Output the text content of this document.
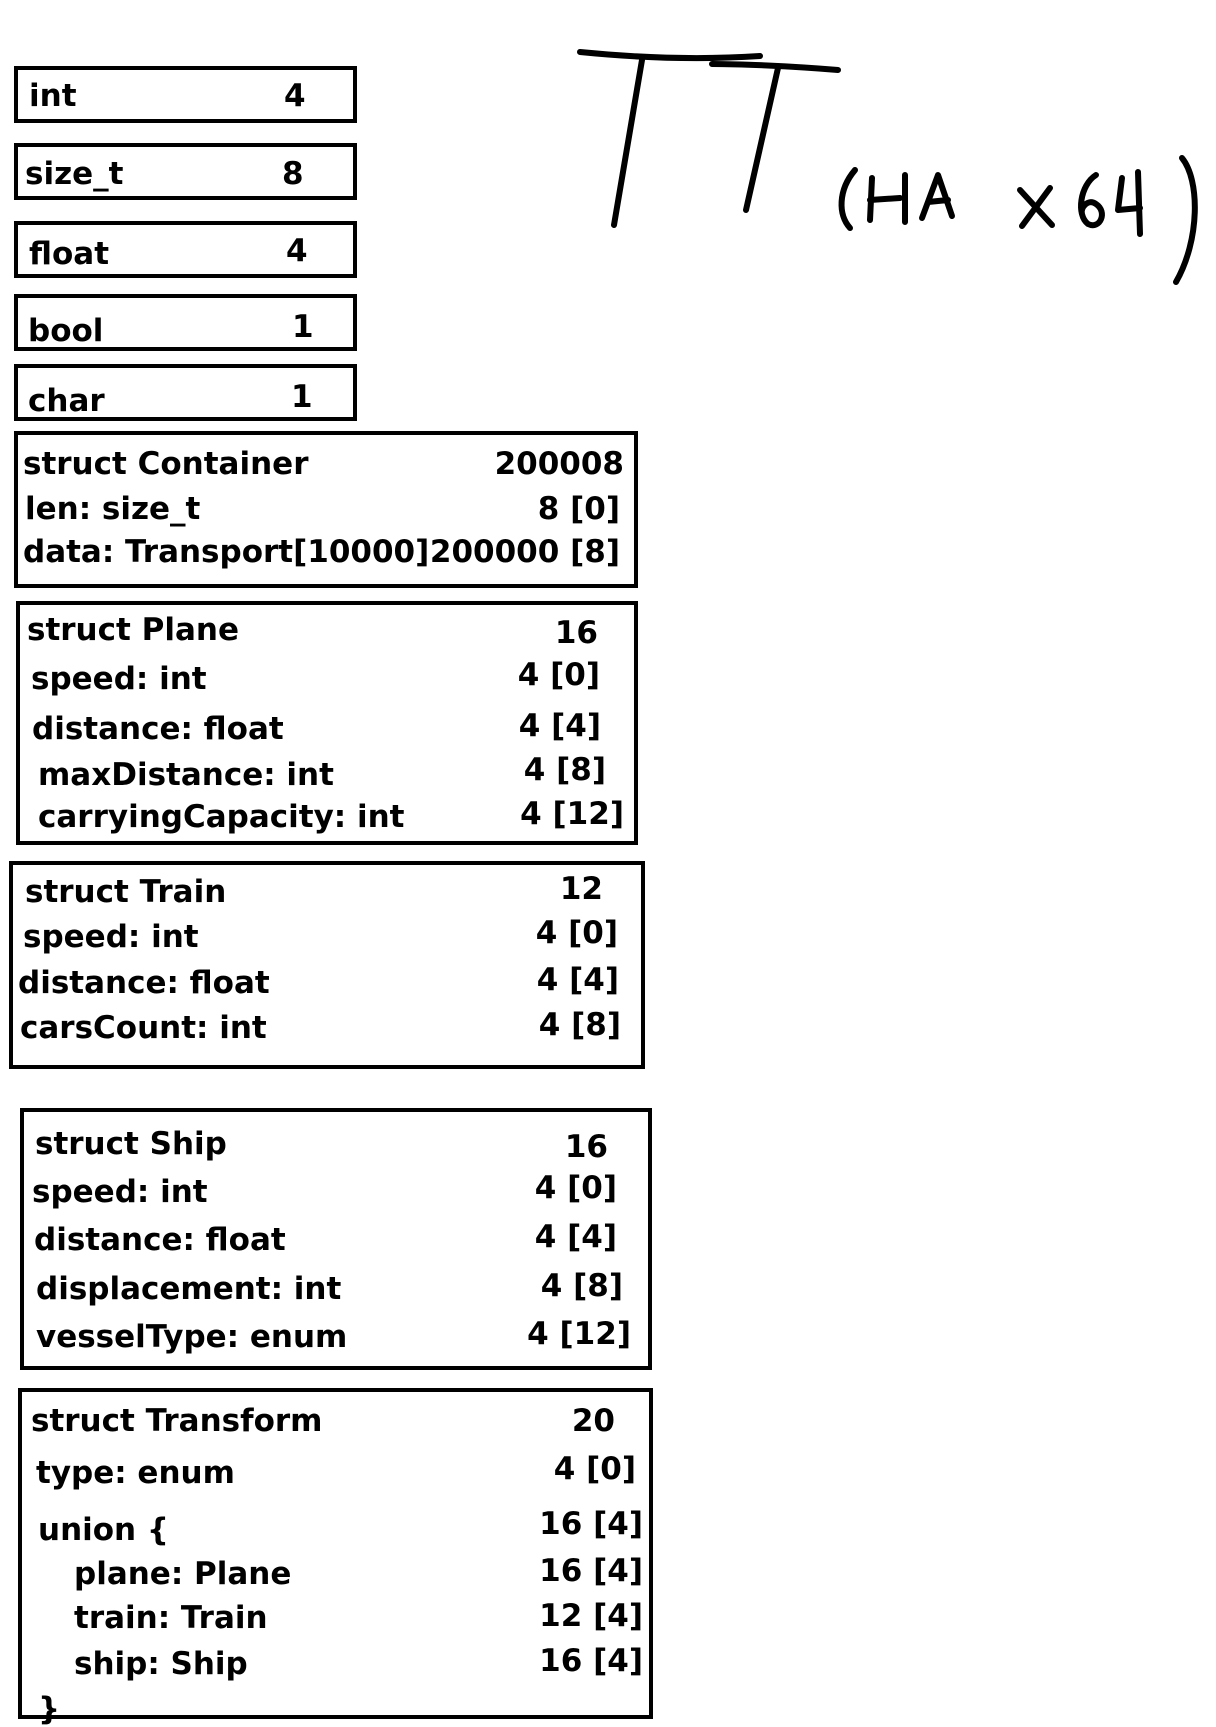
int	4
size_t	8
float	4
bool	1
char	1
struct Container	200008
len: size_t	8 [0]
data: Transport[10000] 200000 [8]
struct Plane	16
speed: int	4 [0]
distance: float	4 [4]
maxDistance: int	4 [8]
carryingCapacity: int	4 [12]
struct Train	12
speed: int	4 [0]
distance: float	4 [4]
carsCount: int	4 [8]
struct Ship	16
speed: int	4 [0]
distance: float	4 [4]
displacement: int	4 [8]
vesselType: enum	4 [12]
struct Transform	20
type: enum	4 [0]
union {	16 [4]
plane: Plane	16 [4]
train: Train	12 [4]
ship: Ship	16 [4]
}
